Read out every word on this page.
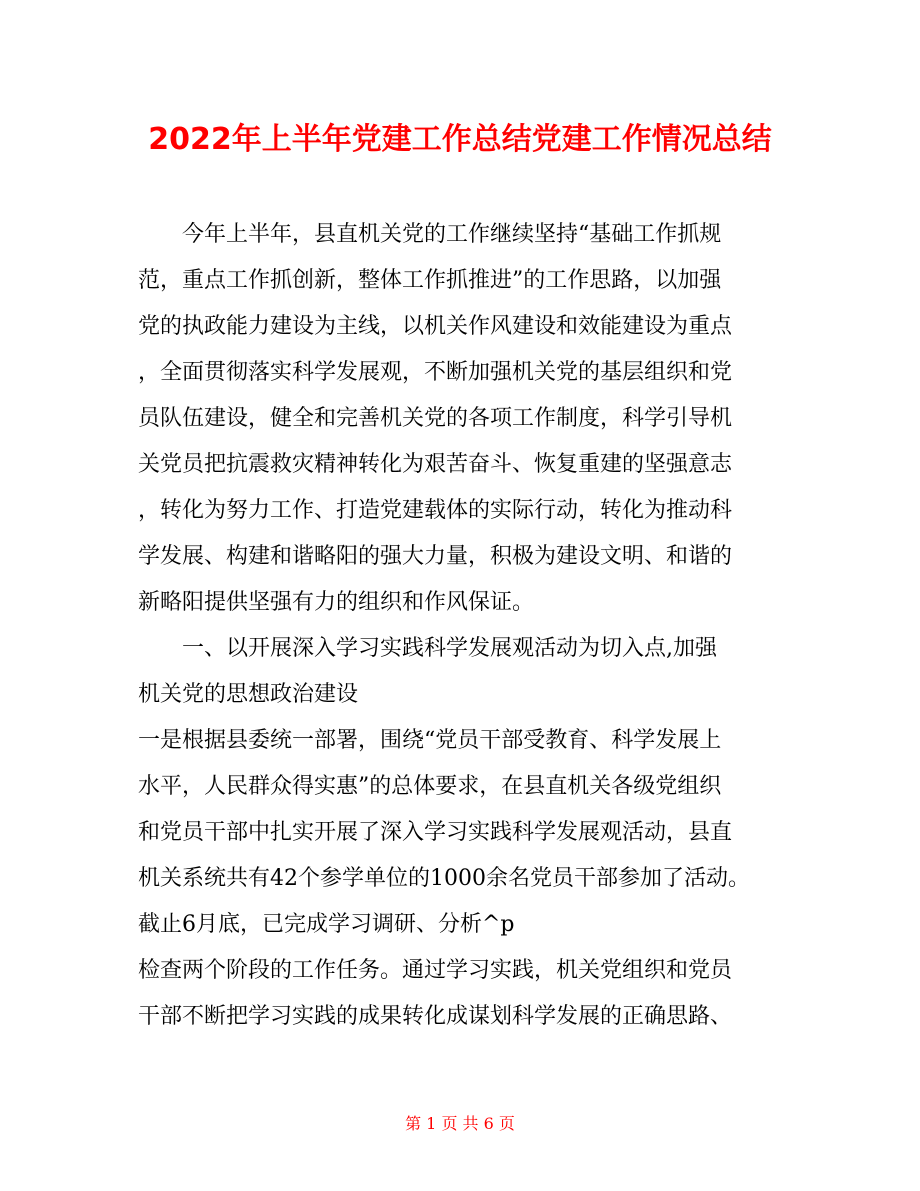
2022年上半年党建工作总结党建工作情况总结
今年上半年，县直机关党的工作继续坚持“基础工作抓规
范，重点工作抓创新，整体工作抓推进”的工作思路，以加强
党的执政能力建设为主线，以机关作风建设和效能建设为重点
，全面贯彻落实科学发展观，不断加强机关党的基层组织和党
员队伍建设，健全和完善机关党的各项工作制度，科学引导机
关党员把抗震救灾精神转化为艰苦奋斗、恢复重建的坚强意志
，转化为努力工作、打造党建载体的实际行动，转化为推动科
学发展、构建和谐略阳的强大力量，积极为建设文明、和谐的
新略阳提供坚强有力的组织和作风保证。
一、以开展深入学习实践科学发展观活动为切入点,加强
机关党的思想政治建设
一是根据县委统一部署，围绕“党员干部受教育、科学发展上
水平，人民群众得实惠”的总体要求，在县直机关各级党组织
和党员干部中扎实开展了深入学习实践科学发展观活动，县直
机关系统共有42个参学单位的1000余名党员干部参加了活动。
截止6月底，已完成学习调研、分析^p
检查两个阶段的工作任务。通过学习实践，机关党组织和党员
干部不断把学习实践的成果转化成谋划科学发展的正确思路、
第 1 页 共 6 页
